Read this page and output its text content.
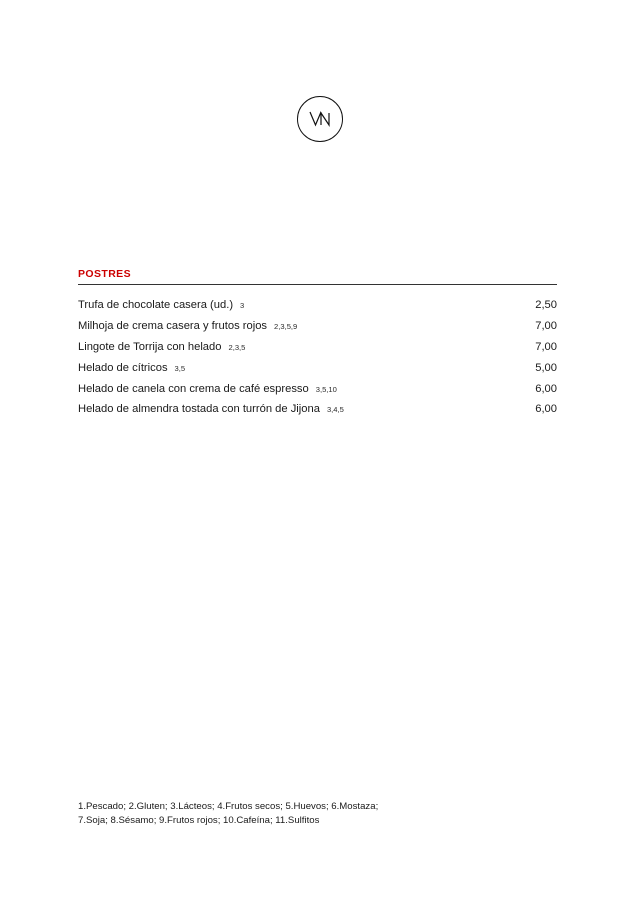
POSTRES
Trufa de chocolate casera (ud.) 3	2,50
Milhoja de crema casera y frutos rojos 2,3,5,9	7,00
Lingote de Torrija con helado 2,3,5	7,00
Helado de cítricos 3,5	5,00
Helado de canela con crema de café espresso 3,5,10	6,00
Helado de almendra tostada con turrón de Jijona 3,4,5	6,00
1.Pescado; 2.Gluten; 3.Lácteos; 4.Frutos secos; 5.Huevos; 6.Mostaza;
7.Soja; 8.Sésamo; 9.Frutos rojos; 10.Cafeína; 11.Sulfitos
